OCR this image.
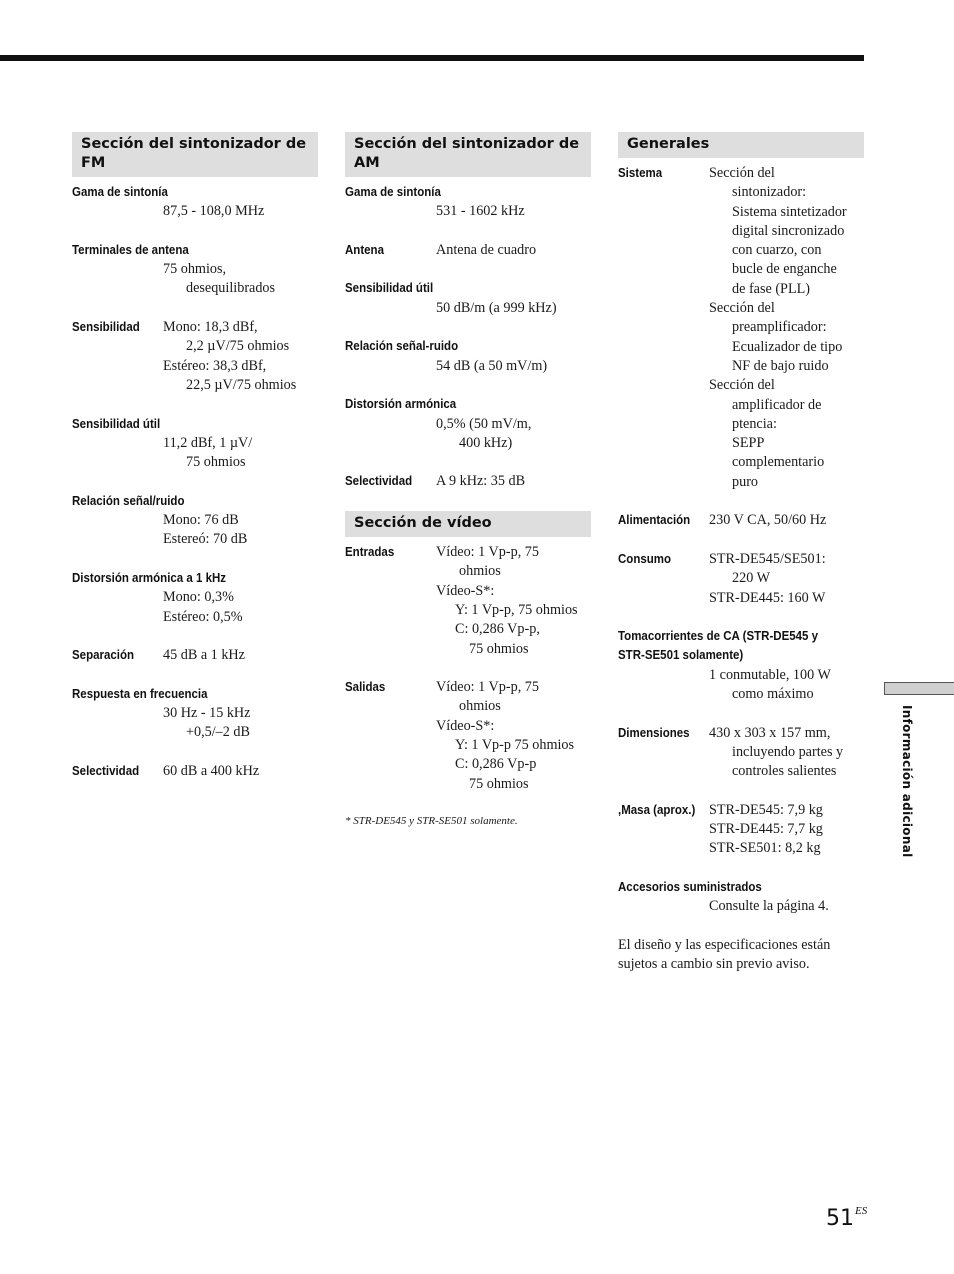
Sección del sintonizador de FM
Gama de sintonía
87,5 - 108,0 MHz
Terminales de antena
75 ohmios,
desequilibrados
Sensibilidad	Mono: 18,3 dBf,
2,2 µV/75 ohmios
Estéreo: 38,3 dBf,
22,5 µV/75 ohmios
Sensibilidad útil
11,2 dBf, 1 µV/
75 ohmios
Relación señal/ruido
Mono: 76 dB
Estereó: 70 dB
Distorsión armónica a 1 kHz
Mono: 0,3%
Estéreo: 0,5%
Separación	45 dB a 1 kHz
Respuesta en frecuencia
30 Hz - 15 kHz
+0,5/–2 dB
Selectividad	60 dB a 400 kHz
Sección del sintonizador de AM
Gama de sintonía
531 - 1602 kHz
Antena	Antena de cuadro
Sensibilidad útil
50 dB/m (a 999 kHz)
Relación señal-ruido
54 dB (a 50 mV/m)
Distorsión armónica
0,5% (50 mV/m,
400 kHz)
Selectividad	A 9 kHz: 35 dB
Sección de vídeo
Entradas	Vídeo: 1 Vp-p, 75
ohmios
Vídeo-S*:
Y: 1 Vp-p, 75 ohmios
C: 0,286 Vp-p,
75 ohmios
Salidas	Vídeo: 1 Vp-p, 75
ohmios
Vídeo-S*:
Y: 1 Vp-p 75 ohmios
C: 0,286 Vp-p
75 ohmios
* STR-DE545 y STR-SE501 solamente.
Generales
Sistema	Sección del
sintonizador:
Sistema sintetizador
digital sincronizado
con cuarzo, con
bucle de enganche
de fase (PLL)
Sección del
preamplificador:
Ecualizador de tipo
NF de bajo ruido
Sección del
amplificador de
ptencia:
SEPP
complementario
puro
Alimentación	230 V CA, 50/60 Hz
Consumo	STR-DE545/SE501:
220 W
STR-DE445: 160 W
Tomacorrientes de CA (STR-DE545 y
STR-SE501 solamente)
1 conmutable, 100 W
como máximo
Dimensiones	430 x 303 x 157 mm,
incluyendo partes y
controles salientes
,Masa (aprox.) STR-DE545: 7,9 kg
STR-DE445: 7,7 kg
STR-SE501: 8,2 kg
Accesorios suministrados
Consulte la página 4.
El diseño y las especificaciones están
sujetos a cambio sin previo aviso.
Información adicional
$51^{ES}$
